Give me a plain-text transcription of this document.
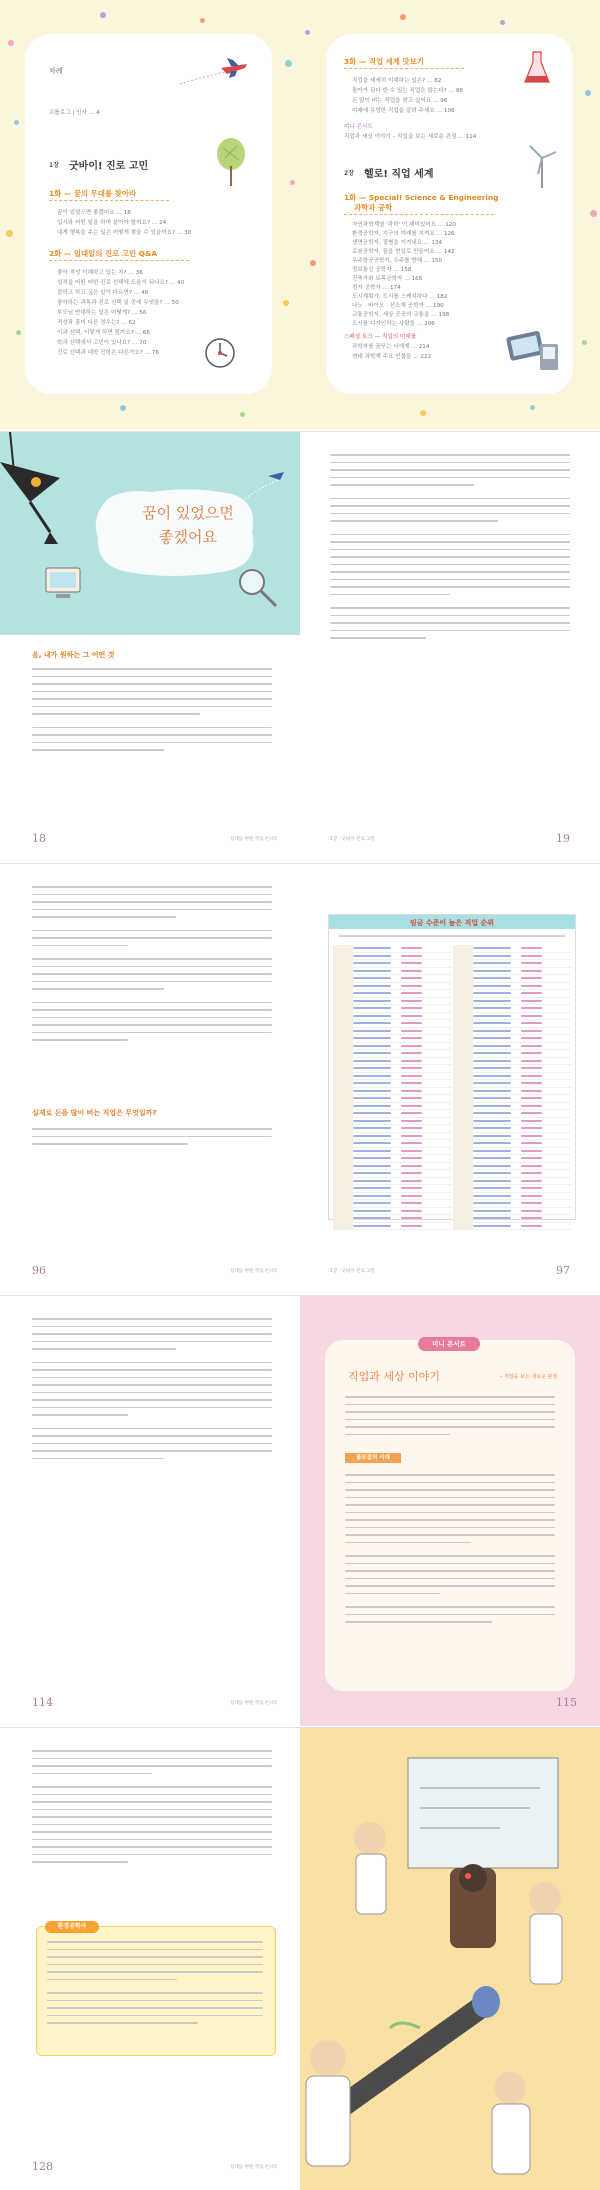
차례
프롤로그 | 인사 … 4
1장 굿바이! 진로 고민
1화 — 꿈의 무대를 찾아라
꿈이 있었으면 좋겠어요 … 18
입시와 어떤 일을 하며 살아야 할까요? … 24
내게 행복을 주는 일은 어떻게 찾을 수 있을까요? … 30
2화 — 일대일의 진로 고민 Q&A
좋아 적성 이해하고 있는 지? … 36
성적을 어떤 어떤 진로 선택에 도움이 되나요? … 40
잘하고 하고 싶은 일이 다르면? … 46
좋아하는 과목과 진로 선택 일 중에 무엇을? … 50
부모님 반대하는 일은 어떻게? … 56
적성과 흥미 다른 경우는? … 62
이과 선택, 이렇게 하면 될까요? … 66
학과 선택에서 고민이 있나요? … 70
진로 선택과 대학 진학은 다른가요? … 76
3화 — 직업 세계 맛보기
직업을 세세히 이해하는 일은? … 82
돌아가 된다 한 수 있는 직업은 않는다? … 88
돈 많이 버는 직업을 찾고 싶어요 … 96
미래에 유망한 직업을 알려 주세요 … 106
미니 콘서트
직업과 세상 이야기 – 직업을 보는 새로운 관점 … 114
2장 헬로! 직업 세계
1화 — Special! Science & Engineering
과학과 공학
자연과학계열 '과학' 이 재미있어요 … 120
환경공학자, 지구의 미래를 지켜요 … 126
생명공학자, 질병을 이겨내요 … 134
로봇공학자, 꿈을 현실로 만들어요 … 142
우주항공공학자, 우주를 향해 … 150
정보통신 공학자 … 158
건축가와 토목공학자 … 166
전자 공학자 … 174
도시계획가, 도시를 스케치하다 … 182
나노 · 바이오 · 신소재 공학자 … 190
교통공학자, 세상 곳곳의 교통을 … 198
도시를 디자인하는 사람들 … 206
스페셜 토크 — 직업의 미래를
과학자를 꿈꾸는 너에게 … 214
현대 과학계 주요 인물들 … 222
꿈이 있었으면
좋겠어요
음, 내가 원하는 그 어떤 것
18	십대를 위한 직업 콘서트	1장 · 굿바이 진로 고민	19
실제로 돈을 많이 버는 직업은 무엇일까?
96	십대를 위한 직업 콘서트
임금 수준이 높은 직업 순위
1장 · 굿바이 진로 고민	97
114	십대를 위한 직업 콘서트
미니 콘서트
직업과 세상 이야기	– 직업을 보는 새로운 관점
몰트잡의 시대
115
환경공학자
128	십대를 위한 직업 콘서트
